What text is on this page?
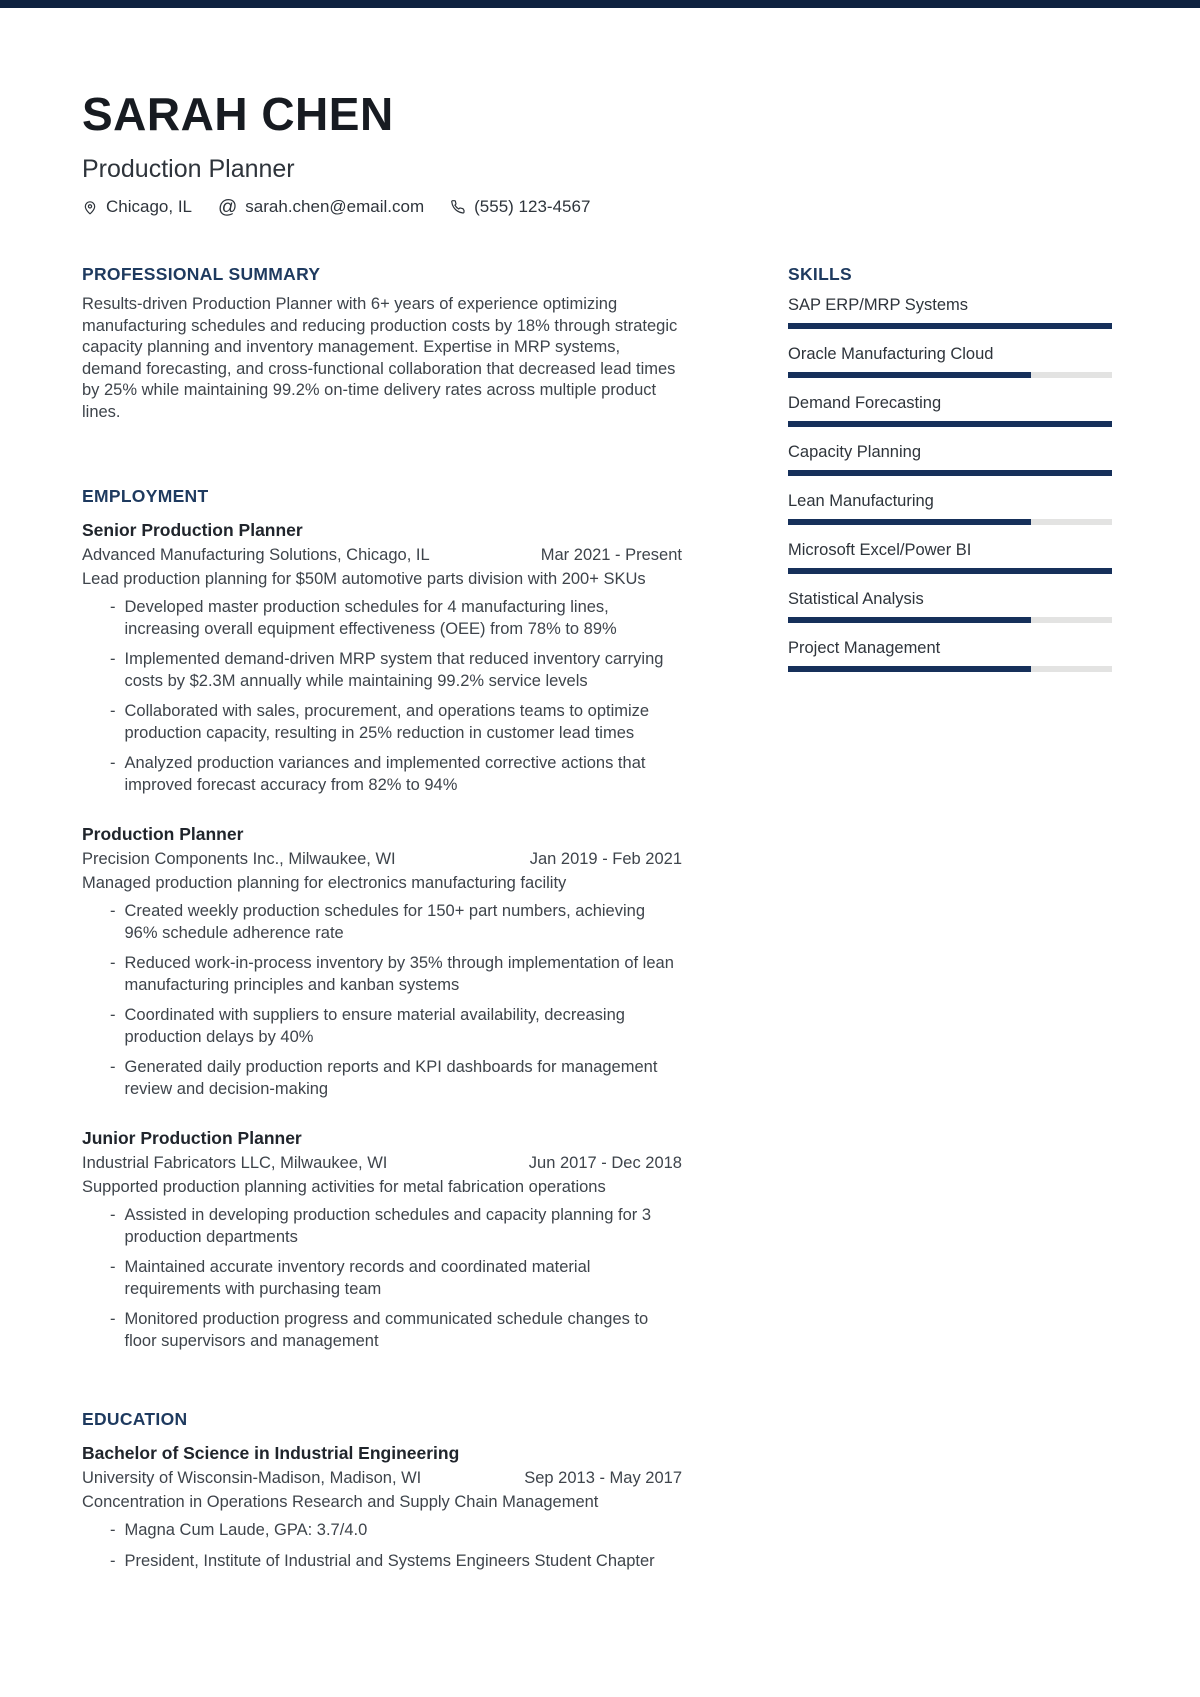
SARAH CHEN
Production Planner
Chicago, IL @ sarah.chen@email.com	(555) 123-4567
PROFESSIONAL SUMMARY
Results-driven Production Planner with 6+ years of experience optimizing manufacturing schedules and reducing production costs by 18% through strategic capacity planning and inventory management. Expertise in MRP systems, demand forecasting, and cross-functional collaboration that decreased lead times by 25% while maintaining 99.2% on-time delivery rates across multiple product lines.
EMPLOYMENT
Senior Production Planner
Advanced Manufacturing Solutions, Chicago, IL	Mar 2021 - Present
Lead production planning for $50M automotive parts division with 200+ SKUs
- Developed master production schedules for 4 manufacturing lines, increasing overall equipment effectiveness (OEE) from 78% to 89%
- Implemented demand-driven MRP system that reduced inventory carrying costs by $2.3M annually while maintaining 99.2% service levels
- Collaborated with sales, procurement, and operations teams to optimize production capacity, resulting in 25% reduction in customer lead times
- Analyzed production variances and implemented corrective actions that improved forecast accuracy from 82% to 94%
Production Planner
Precision Components Inc., Milwaukee, WI	Jan 2019 - Feb 2021
Managed production planning for electronics manufacturing facility
- Created weekly production schedules for 150+ part numbers, achieving 96% schedule adherence rate
- Reduced work-in-process inventory by 35% through implementation of lean manufacturing principles and kanban systems
- Coordinated with suppliers to ensure material availability, decreasing production delays by 40%
- Generated daily production reports and KPI dashboards for management review and decision-making
Junior Production Planner
Industrial Fabricators LLC, Milwaukee, WI	Jun 2017 - Dec 2018
Supported production planning activities for metal fabrication operations
- Assisted in developing production schedules and capacity planning for 3 production departments
- Maintained accurate inventory records and coordinated material requirements with purchasing team
- Monitored production progress and communicated schedule changes to floor supervisors and management
EDUCATION
Bachelor of Science in Industrial Engineering
University of Wisconsin-Madison, Madison, WI	Sep 2013 - May 2017
Concentration in Operations Research and Supply Chain Management
- Magna Cum Laude, GPA: 3.7/4.0
- President, Institute of Industrial and Systems Engineers Student Chapter
SKILLS
SAP ERP/MRP Systems
Oracle Manufacturing Cloud
Demand Forecasting
Capacity Planning
Lean Manufacturing
Microsoft Excel/Power BI
Statistical Analysis
Project Management
